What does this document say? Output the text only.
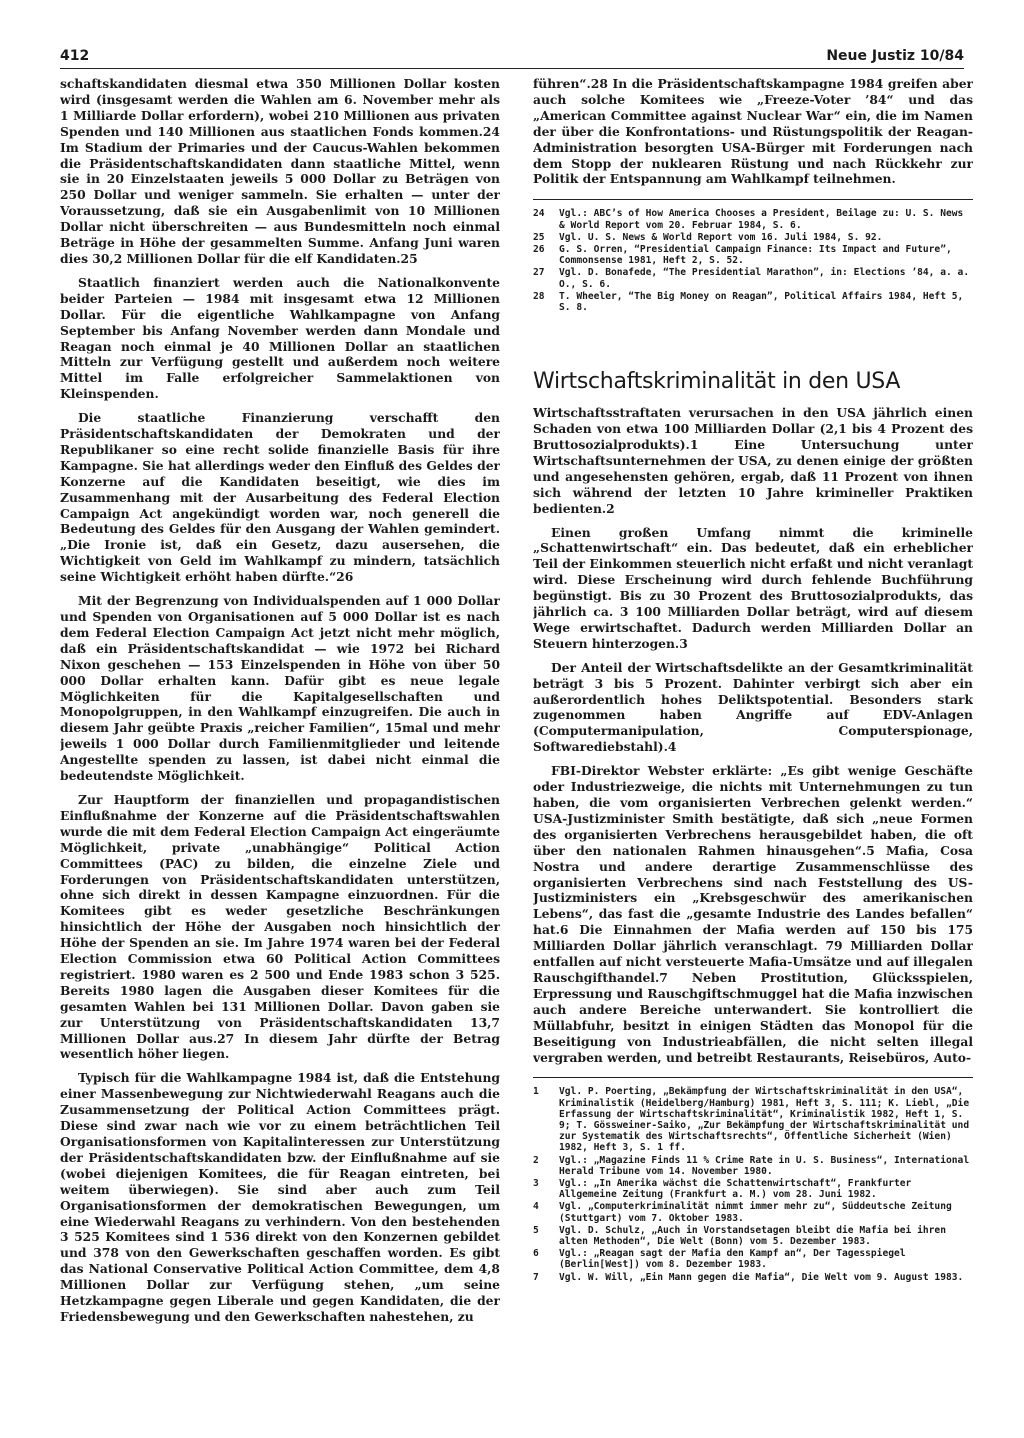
412	Neue Justiz 10/84

schaftskandidaten diesmal etwa 350 Millionen Dollar kosten wird (insgesamt werden die Wahlen am 6. November mehr als 1 Milliarde Dollar erfordern), wobei 210 Millionen aus privaten Spenden und 140 Millionen aus staatlichen Fonds kommen.24 Im Stadium der Primaries und der Caucus-Wahlen bekommen die Präsidentschaftskandidaten dann staatliche Mittel, wenn sie in 20 Einzelstaaten jeweils 5 000 Dollar zu Beträgen von 250 Dollar und weniger sammeln. Sie erhalten — unter der Voraussetzung, daß sie ein Ausgabenlimit von 10 Millionen Dollar nicht überschreiten — aus Bundesmitteln noch einmal Beträge in Höhe der gesammelten Summe. Anfang Juni waren dies 30,2 Millionen Dollar für die elf Kandidaten.25

Staatlich finanziert werden auch die Nationalkonvente beider Parteien — 1984 mit insgesamt etwa 12 Millionen Dollar. Für die eigentliche Wahlkampagne von Anfang September bis Anfang November werden dann Mondale und Reagan noch einmal je 40 Millionen Dollar an staatlichen Mitteln zur Verfügung gestellt und außerdem noch weitere Mittel im Falle erfolgreicher Sammelaktionen von Kleinspenden.

Die staatliche Finanzierung verschafft den Präsidentschaftskandidaten der Demokraten und der Republikaner so eine recht solide finanzielle Basis für ihre Kampagne. Sie hat allerdings weder den Einfluß des Geldes der Konzerne auf die Kandidaten beseitigt, wie dies im Zusammenhang mit der Ausarbeitung des Federal Election Campaign Act angekündigt worden war, noch generell die Bedeutung des Geldes für den Ausgang der Wahlen gemindert. „Die Ironie ist, daß ein Gesetz, dazu ausersehen, die Wichtigkeit von Geld im Wahlkampf zu mindern, tatsächlich seine Wichtigkeit erhöht haben dürfte.“26

Mit der Begrenzung von Individualspenden auf 1 000 Dollar und Spenden von Organisationen auf 5 000 Dollar ist es nach dem Federal Election Campaign Act jetzt nicht mehr möglich, daß ein Präsidentschaftskandidat — wie 1972 bei Richard Nixon geschehen — 153 Einzelspenden in Höhe von über 50 000 Dollar erhalten kann. Dafür gibt es neue legale Möglichkeiten für die Kapitalgesellschaften und Monopolgruppen, in den Wahlkampf einzugreifen. Die auch in diesem Jahr geübte Praxis „reicher Familien“, 15mal und mehr jeweils 1 000 Dollar durch Familienmitglieder und leitende Angestellte spenden zu lassen, ist dabei nicht einmal die bedeutendste Möglichkeit.

Zur Hauptform der finanziellen und propagandistischen Einflußnahme der Konzerne auf die Präsidentschaftswahlen wurde die mit dem Federal Election Campaign Act eingeräumte Möglichkeit, private „unabhängige“ Political Action Committees (PAC) zu bilden, die einzelne Ziele und Forderungen von Präsidentschaftskandidaten unterstützen, ohne sich direkt in dessen Kampagne einzuordnen. Für die Komitees gibt es weder gesetzliche Beschränkungen hinsichtlich der Höhe der Ausgaben noch hinsichtlich der Höhe der Spenden an sie. Im Jahre 1974 waren bei der Federal Election Commission etwa 60 Political Action Committees registriert. 1980 waren es 2 500 und Ende 1983 schon 3 525. Bereits 1980 lagen die Ausgaben dieser Komitees für die gesamten Wahlen bei 131 Millionen Dollar. Davon gaben sie zur Unterstützung von Präsidentschaftskandidaten 13,7 Millionen Dollar aus.27 In diesem Jahr dürfte der Betrag wesentlich höher liegen.

Typisch für die Wahlkampagne 1984 ist, daß die Entstehung einer Massenbewegung zur Nichtwiederwahl Reagans auch die Zusammensetzung der Political Action Committees prägt. Diese sind zwar nach wie vor zu einem beträchtlichen Teil Organisationsformen von Kapitalinteressen zur Unterstützung der Präsidentschaftskandidaten bzw. der Einflußnahme auf sie (wobei diejenigen Komitees, die für Reagan eintreten, bei weitem überwiegen). Sie sind aber auch zum Teil Organisationsformen der demokratischen Bewegungen, um eine Wiederwahl Reagans zu verhindern. Von den bestehenden 3 525 Komitees sind 1 536 direkt von den Konzernen gebildet und 378 von den Gewerkschaften geschaffen worden. Es gibt das National Conservative Political Action Committee, dem 4,8 Millionen Dollar zur Verfügung stehen, „um seine Hetzkampagne gegen Liberale und gegen Kandidaten, die der Friedensbewegung und den Gewerkschaften nahestehen, zu

führen“.28 In die Präsidentschaftskampagne 1984 greifen aber auch solche Komitees wie „Freeze-Voter ’84“ und das „American Committee against Nuclear War“ ein, die im Namen der über die Konfrontations- und Rüstungspolitik der Reagan-Administration besorgten USA-Bürger mit Forderungen nach dem Stopp der nuklearen Rüstung und nach Rückkehr zur Politik der Entspannung am Wahlkampf teilnehmen.

24 Vgl.: ABC’s of How America Chooses a President, Beilage zu: U. S. News & World Report vom 20. Februar 1984, S. 6.
25 Vgl. U. S. News & World Report vom 16. Juli 1984, S. 92.
26 G. S. Orren, “Presidential Campaign Finance: Its Impact and Future”, Commonsense 1981, Heft 2, S. 52.
27 Vgl. D. Bonafede, “The Presidential Marathon”, in: Elections ’84, a. a. O., S. 6.
28 T. Wheeler, “The Big Money on Reagan”, Political Affairs 1984, Heft 5, S. 8.
Wirtschaftskriminalität in den USA

Wirtschaftsstraftaten verursachen in den USA jährlich einen Schaden von etwa 100 Milliarden Dollar (2,1 bis 4 Prozent des Bruttosozialprodukts).1 Eine Untersuchung unter Wirtschaftsunternehmen der USA, zu denen einige der größten und angesehensten gehören, ergab, daß 11 Prozent von ihnen sich während der letzten 10 Jahre krimineller Praktiken bedienten.2

Einen großen Umfang nimmt die kriminelle „Schattenwirtschaft“ ein. Das bedeutet, daß ein erheblicher Teil der Einkommen steuerlich nicht erfaßt und nicht veranlagt wird. Diese Erscheinung wird durch fehlende Buchführung begünstigt. Bis zu 30 Prozent des Bruttosozialprodukts, das jährlich ca. 3 100 Milliarden Dollar beträgt, wird auf diesem Wege erwirtschaftet. Dadurch werden Milliarden Dollar an Steuern hinterzogen.3

Der Anteil der Wirtschaftsdelikte an der Gesamtkriminalität beträgt 3 bis 5 Prozent. Dahinter verbirgt sich aber ein außerordentlich hohes Deliktspotential. Besonders stark zugenommen haben Angriffe auf EDV-Anlagen (Computermanipulation, Computerspionage, Softwarediebstahl).4

FBI-Direktor Webster erklärte: „Es gibt wenige Geschäfte oder Industriezweige, die nichts mit Unternehmungen zu tun haben, die vom organisierten Verbrechen gelenkt werden.“ USA-Justizminister Smith bestätigte, daß sich „neue Formen des organisierten Verbrechens herausgebildet haben, die oft über den nationalen Rahmen hinausgehen“.5 Mafia, Cosa Nostra und andere derartige Zusammenschlüsse des organisierten Verbrechens sind nach Feststellung des US-Justizministers ein „Krebsgeschwür des amerikanischen Lebens“, das fast die „gesamte Industrie des Landes befallen“ hat.6 Die Einnahmen der Mafia werden auf 150 bis 175 Milliarden Dollar jährlich veranschlagt. 79 Milliarden Dollar entfallen auf nicht versteuerte Mafia-Umsätze und auf illegalen Rauschgifthandel.7 Neben Prostitution, Glücksspielen, Erpressung und Rauschgiftschmuggel hat die Mafia inzwischen auch andere Bereiche unterwandert. Sie kontrolliert die Müllabfuhr, besitzt in einigen Städten das Monopol für die Beseitigung von Industrieabfällen, die nicht selten illegal vergraben werden, und betreibt Restaurants, Reisebüros, Auto-

1 Vgl. P. Poerting, „Bekämpfung der Wirtschaftskriminalität in den USA“, Kriminalistik (Heidelberg/Hamburg) 1981, Heft 3, S. 111; K. Liebl, „Die Erfassung der Wirtschaftskriminalität“, Kriminalistik 1982, Heft 1, S. 9; T. Gössweiner-Saiko, „Zur Bekämpfung der Wirtschaftskriminalität und zur Systematik des Wirtschaftsrechts“, Öffentliche Sicherheit (Wien) 1982, Heft 3, S. 1 ff.
2 Vgl.: „Magazine Finds 11 % Crime Rate in U. S. Business“, International Herald Tribune vom 14. November 1980.
3 Vgl.: „In Amerika wächst die Schattenwirtschaft“, Frankfurter Allgemeine Zeitung (Frankfurt a. M.) vom 28. Juni 1982.
4 Vgl. „Computerkriminalität nimmt immer mehr zu“, Süddeutsche Zeitung (Stuttgart) vom 7. Oktober 1983.
5 Vgl. D. Schulz, „Auch in Vorstandsetagen bleibt die Mafia bei ihren alten Methoden“, Die Welt (Bonn) vom 5. Dezember 1983.
6 Vgl.: „Reagan sagt der Mafia den Kampf an“, Der Tagesspiegel (Berlin[West]) vom 8. Dezember 1983.
7 Vgl. W. Will, „Ein Mann gegen die Mafia“, Die Welt vom 9. August 1983.
